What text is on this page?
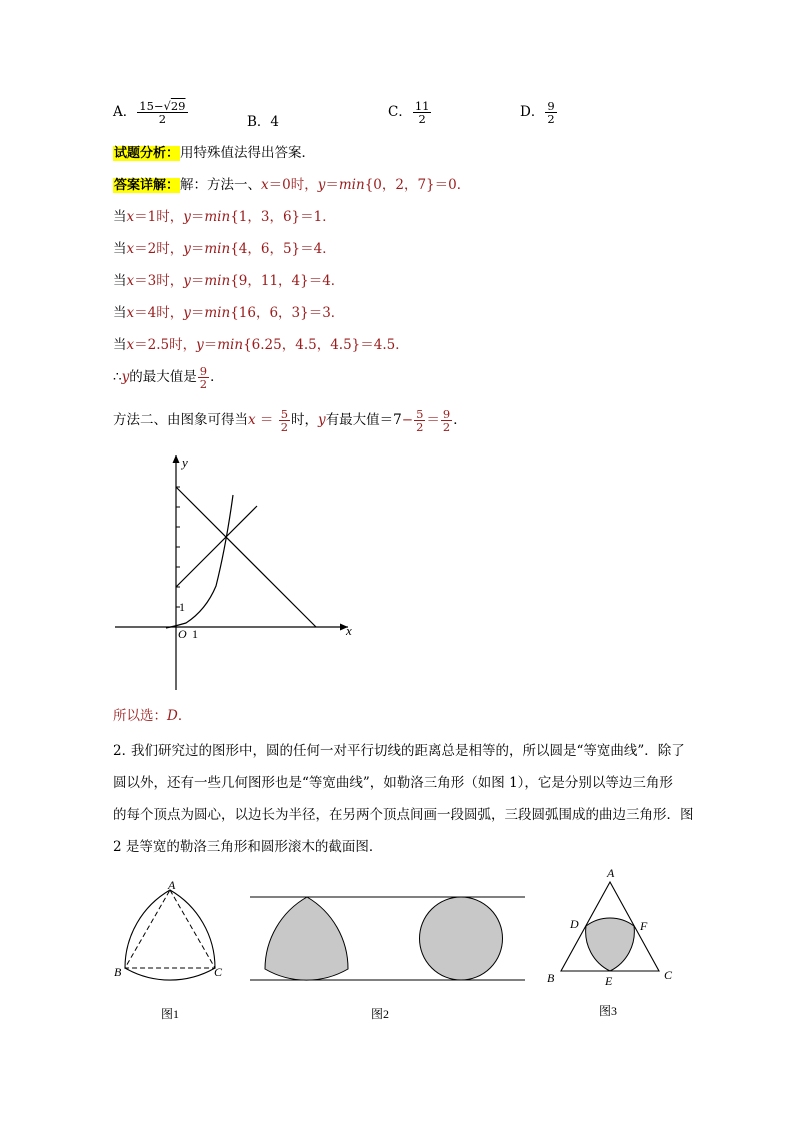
A． $\frac{15-√29}{2}$	B．4
C． $\frac{11}{2}$	D． $\frac{9}{2}$
试题分析：用特殊值法得出答案．
答案详解：解：方法一、x＝0时，y＝min{0，2，7}＝0．
当x＝1时，y＝min{1，3，6}＝1．
当x＝2时，y＝min{4，6，5}＝4．
当x＝3时，y＝min{9，11，4}＝4．
当x＝4时，y＝min{16，6，3}＝3．
当x＝2.5时，y＝min{6.25，4.5，4.5}＝4.5．
∴y的最大值是 $\frac{9}{2}$ ．
方法二、由图象可得当$x = \frac{5}{2}$ 时，y有最大值$=7- \frac{5}{2} = \frac{9}{2}$ ．
y
x
O 1
1
所以选：D．
2．
我们研究过的图形中，圆的任何一对平行切线的距离总是相等的，所以圆是“等宽曲线”．除了
圆以外，还有一些几何图形也是“等宽曲线”，如勒洛三角形（如图 1），它是分别以等边三角形
的每个顶点为圆心，以边长为半径，在另两个顶点间画一段圆弧，三段圆弧围成的曲边三角形．图
2 是等宽的勒洛三角形和圆形滚木的截面图．
A
B	C
图1	图2
A
B	C
D
E
F
图3
